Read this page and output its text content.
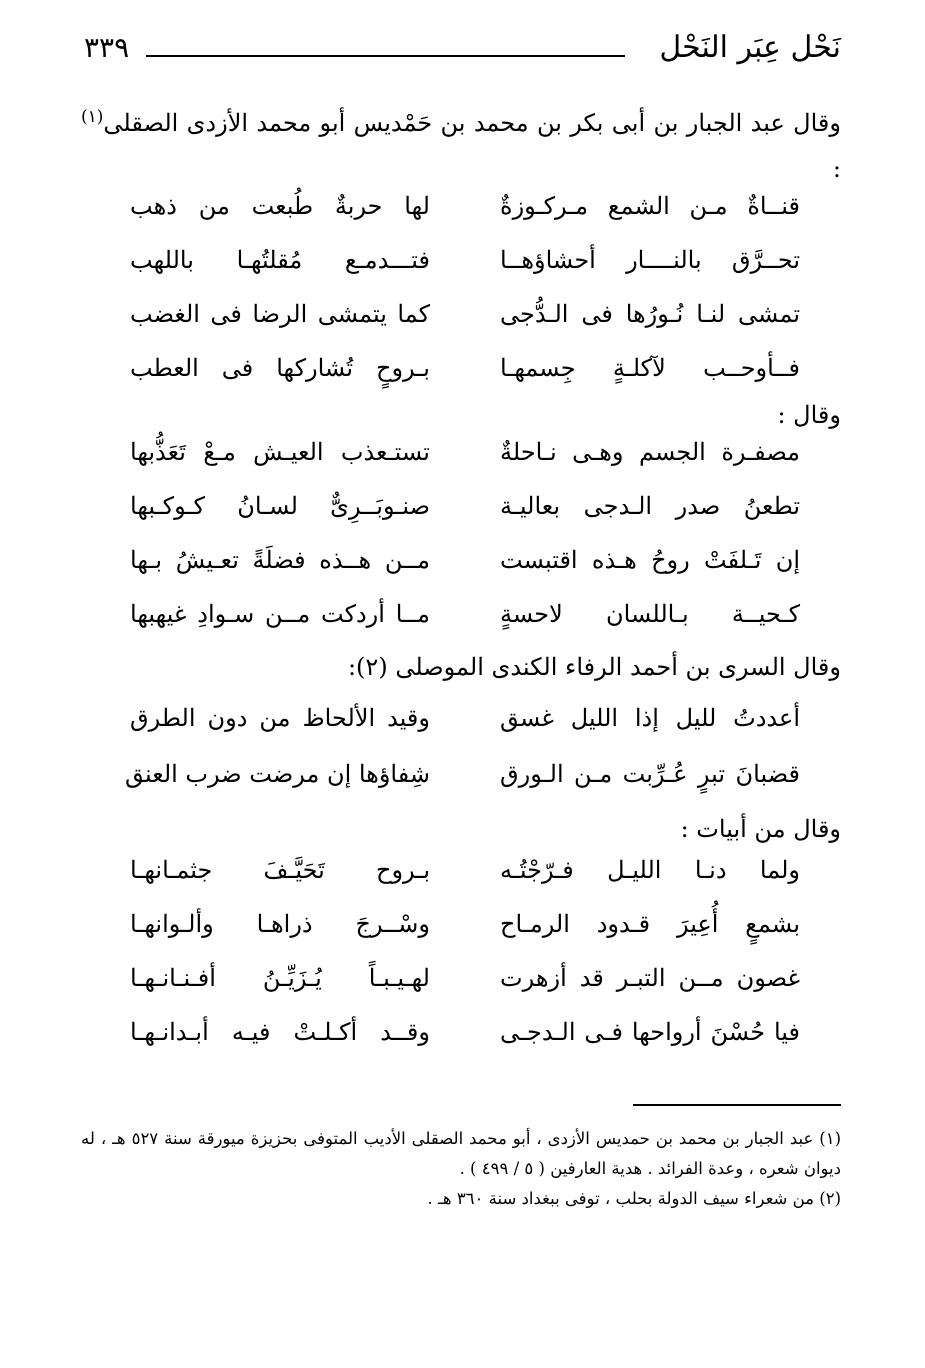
نَحْل عِبَر النَحْل
٣٣٩
وقال عبد الجبار بن أبى بكر بن محمد بن حَمْديس أبو محمد الأزدى الصقلى$^{(١)}$ :
قنــاةٌ مـن الشمع مـركـوزةٌ
لها حربةٌ طُبعت من ذهب
تحــرَّق بالنــــار أحشاؤهــا
فتـــدمـع مُقلتُهـا باللهب
تمشى لنـا نُـورُها فى الـدُّجى
كما يتمشى الرضا فى الغضب
فــأوحــب لآكلـةٍ جِسمهـا
بـروحٍ تُشاركها فى العطب
وقال :
مصفـرة الجسم وهـى نـاحلةٌ
تستـعذب العيـش مـعْ تَعَذُّبها
تطعنُ صدر الـدجى بعاليـة
صنـوبَــرِىٌّ لسـانُ كـوكـبها
إن تَـلفَتْ روحُ هـذه اقتبست
مــن هــذه فضلَةً تعـيشُ بـها
كـحيــة بـاللسان لاحسةٍ
مــا أردكت مــن سـوادِ غيهبها
وقال السرى بن أحمد الرفاء الكندى الموصلى (٢):
أعددتُ لليل إذا الليل غسق
وقيد الألحاظ من دون الطرق
قضبانَ تبرٍ عُـرِّبت مـن الـورق
شِفاؤها إن مرضت ضرب العنق
وقال من أبيات :
ولما دنـا الليـل فـرّجْتُـه
بـروح تَحَيَّـفَ جثمـانهـا
بشمعٍ أُعِيرَ قـدود الرمـاح
وسْــرجَ ذراهـا وألـوانهـا
غصون مــن التبـر قد أزهرت
لهـيـبـاً يُـزَيِّـنُ أفـنـانـهـا
فيا حُسْنَ أرواحها فـى الـدجـى
وقــد أكـلـتْ فيـه أبـدانـهـا

(١) عبد الجبار بن محمد بن حمديس الأزدى ، أبو محمد الصقلى الأديب المتوفى بحزيزة ميورقة سنة ٥٢٧ هـ ، له ديوان شعره ، وعدة الفرائد . هدية العارفين ( ٥ / ٤٩٩ ) .

(٢) من شعراء سيف الدولة بحلب ، توفى ببغداد سنة ٣٦٠ هـ .
